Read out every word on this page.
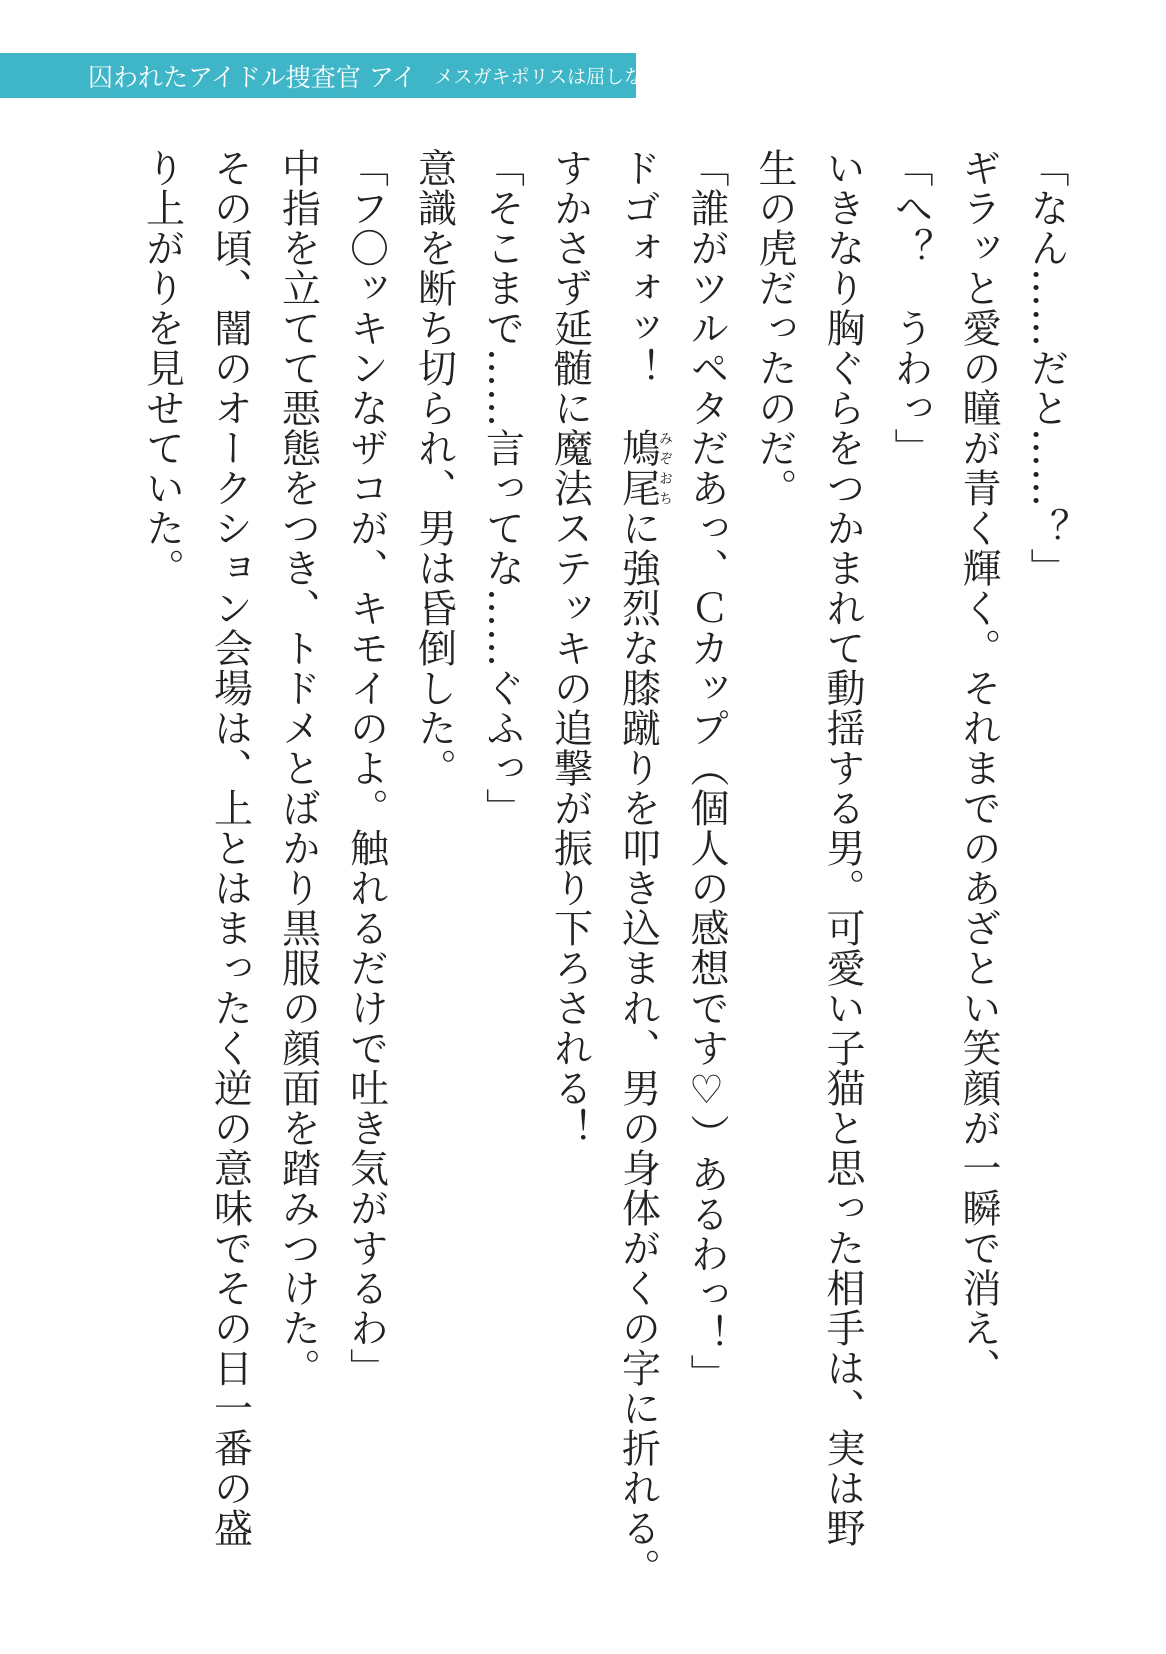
囚われたアイドル捜査官 アイ メスガキポリスは屈しない！
「なん……だと……？」
ギラッと愛の瞳が青く輝く。それまでのあざとい笑顔が一瞬で消え、
「へ？　うわっ」
いきなり胸ぐらをつかまれて動揺する男。可愛い子猫と思った相手は、実は野
生の虎だったのだ。
「誰がツルペタだあっ、Ｃカップ（個人の感想です♡）あるわっ！」
ドゴォォッ！　鳩尾みぞおちに強烈な膝蹴りを叩き込まれ、男の身体がくの字に折れる。
すかさず延髄に魔法ステッキの追撃が振り下ろされる！
「そこまで……言ってな……ぐふっ」
意識を断ち切られ、男は昏倒した。
「フ〇ッキンなザコが、キモイのよ。触れるだけで吐き気がするわ」
中指を立てて悪態をつき、トドメとばかり黒服の顔面を踏みつけた。
その頃、闇のオークション会場は、上とはまったく逆の意味でその日一番の盛
り上がりを見せていた。
